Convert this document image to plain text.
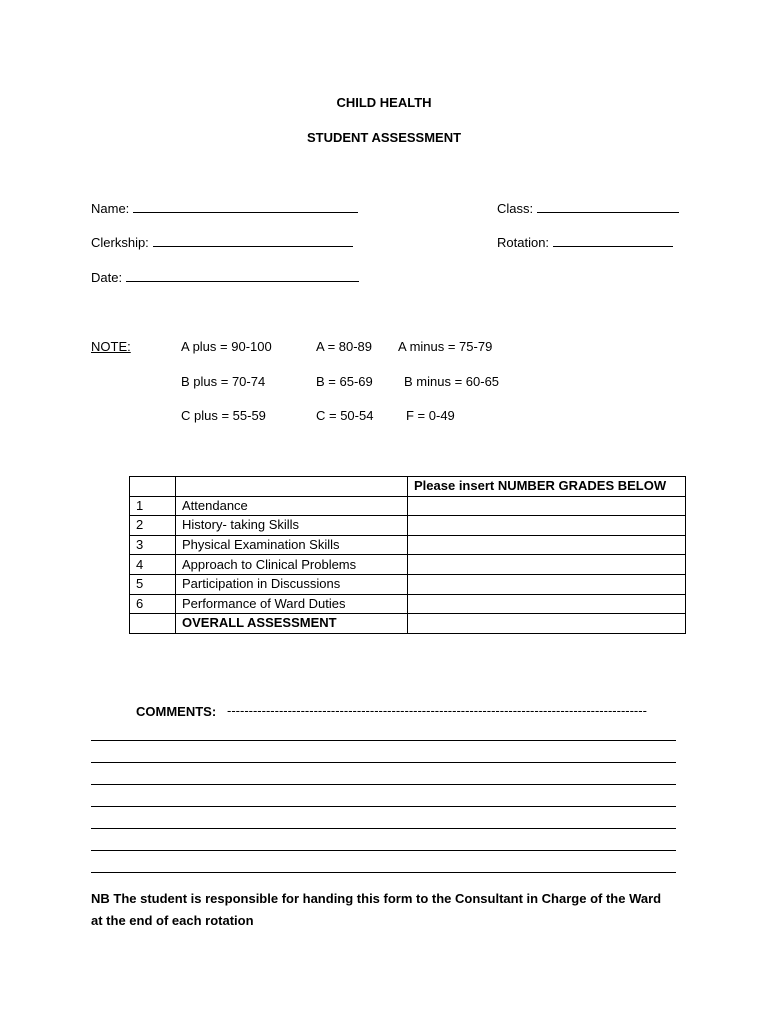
CHILD HEALTH
STUDENT ASSESSMENT
Name:	Class:
Clerkship:	Rotation:
Date:
NOTE:	A plus = 90-100	A = 80-89 A minus = 75-79
B plus = 70-74	B = 65-69 B minus = 60-65
C plus = 55-59	C = 50-54	F = 0-49
		Please insert NUMBER GRADES BELOW
1	Attendance	
2	History- taking Skills	
3	Physical Examination Skills	
4	Approach to Clinical Problems	
5	Participation in Discussions	
6	Performance of Ward Duties	
	OVERALL ASSESSMENT	
COMMENTS: -------------------------------------------------------------------------------------------------
NB The student is responsible for handing this form to the Consultant in Charge of the Ward
at the end of each rotation
